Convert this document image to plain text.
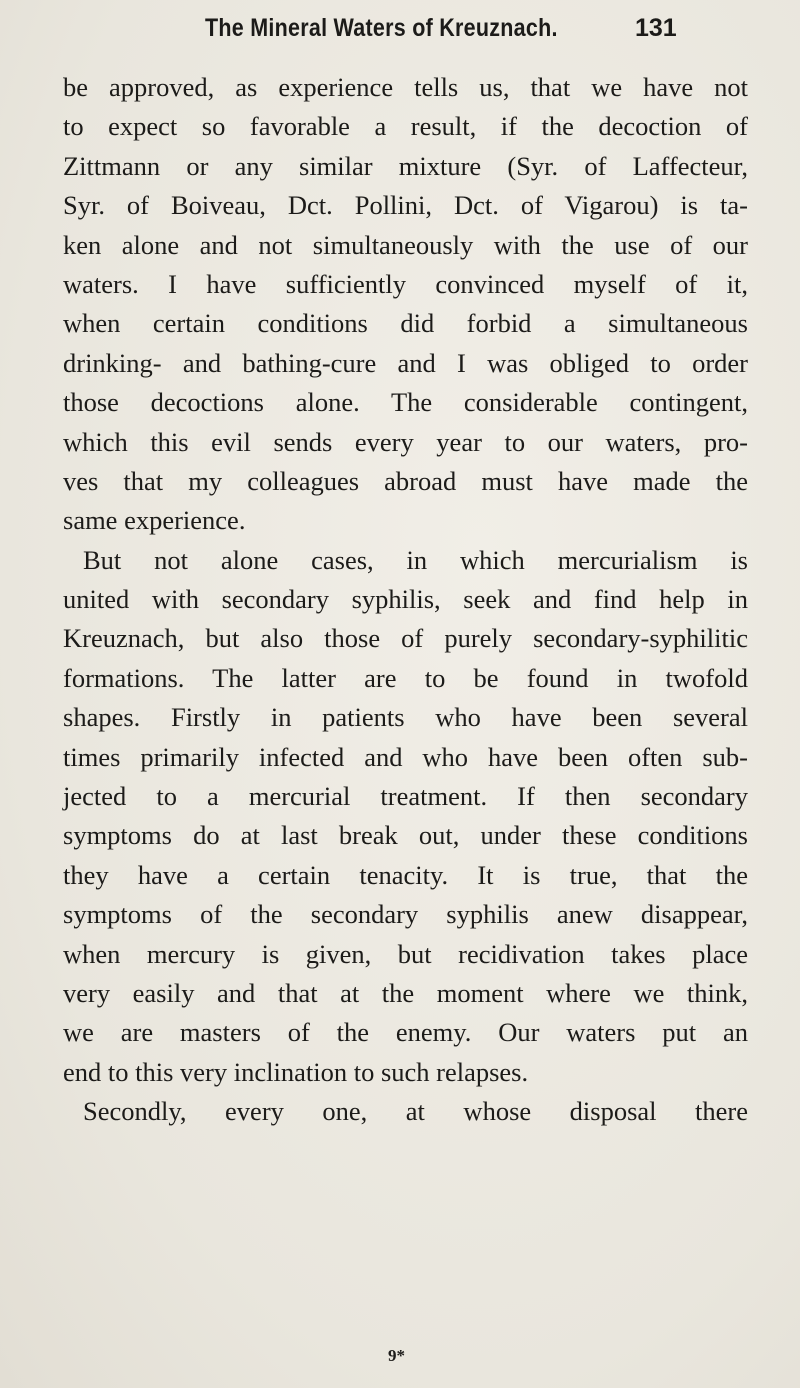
The Mineral Waters of Kreuznach.	131
be approved, as experience tells us, that we have not
to expect so favorable a result, if the decoction of
Zittmann or any similar mixture (Syr. of Laffecteur,
Syr. of Boiveau, Dct. Pollini, Dct. of Vigarou) is ta-
ken alone and not simultaneously with the use of our
waters. I have sufficiently convinced myself of it,
when certain conditions did forbid a simultaneous
drinking- and bathing-cure and I was obliged to order
those decoctions alone. The considerable contingent,
which this evil sends every year to our waters, pro-
ves that my colleagues abroad must have made the
same experience.
But not alone cases, in which mercurialism is
united with secondary syphilis, seek and find help in
Kreuznach, but also those of purely secondary-syphilitic
formations. The latter are to be found in twofold
shapes. Firstly in patients who have been several
times primarily infected and who have been often sub-
jected to a mercurial treatment. If then secondary
symptoms do at last break out, under these conditions
they have a certain tenacity. It is true, that the
symptoms of the secondary syphilis anew disappear,
when mercury is given, but recidivation takes place
very easily and that at the moment where we think,
we are masters of the enemy. Our waters put an
end to this very inclination to such relapses.
Secondly, every one, at whose disposal there
9*
